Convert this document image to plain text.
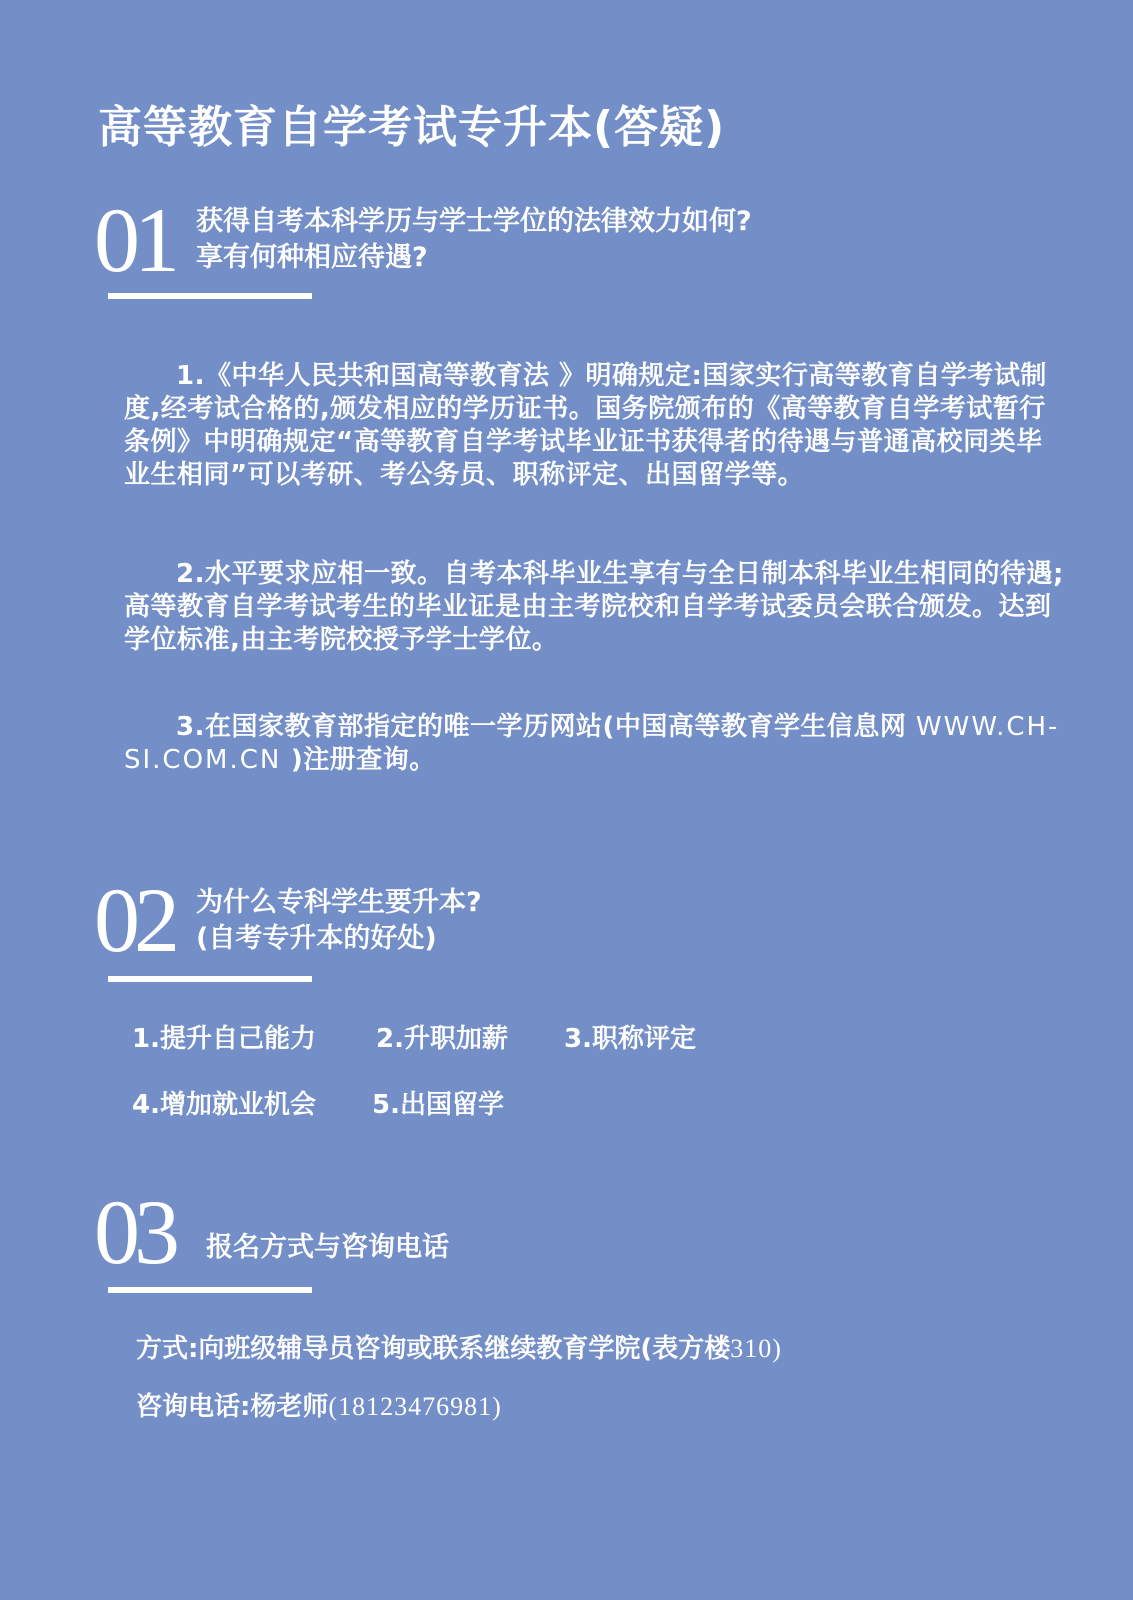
高等教育自学考试专升本(答疑)
01 获得自考本科学历与学士学位的法律效力如何?
享有何种相应待遇?
1.《中华人民共和国高等教育法 》明确规定:国家实行高等教育自学考试制度,经考试合格的,颁发相应的学历证书。国务院颁布的《高等教育自学考试暂行条例》中明确规定“高等教育自学考试毕业证书获得者的待遇与普通高校同类毕业生相同”可以考研、考公务员、职称评定、出国留学等。
2.水平要求应相一致。自考本科毕业生享有与全日制本科毕业生相同的待遇;高等教育自学考试考生的毕业证是由主考院校和自学考试委员会联合颁发。达到学位标准,由主考院校授予学士学位。
3.在国家教育部指定的唯一学历网站(中国高等教育学生信息网 WWW.CH-SI.COM.CN )注册查询。
02 为什么专科学生要升本?
(自考专升本的好处)
1.提升自己能力 2.升职加薪 3.职称评定
4.增加就业机会 5.出国留学
03 报名方式与咨询电话
方式:向班级辅导员咨询或联系继续教育学院(表方楼310)
咨询电话:杨老师(18123476981)
